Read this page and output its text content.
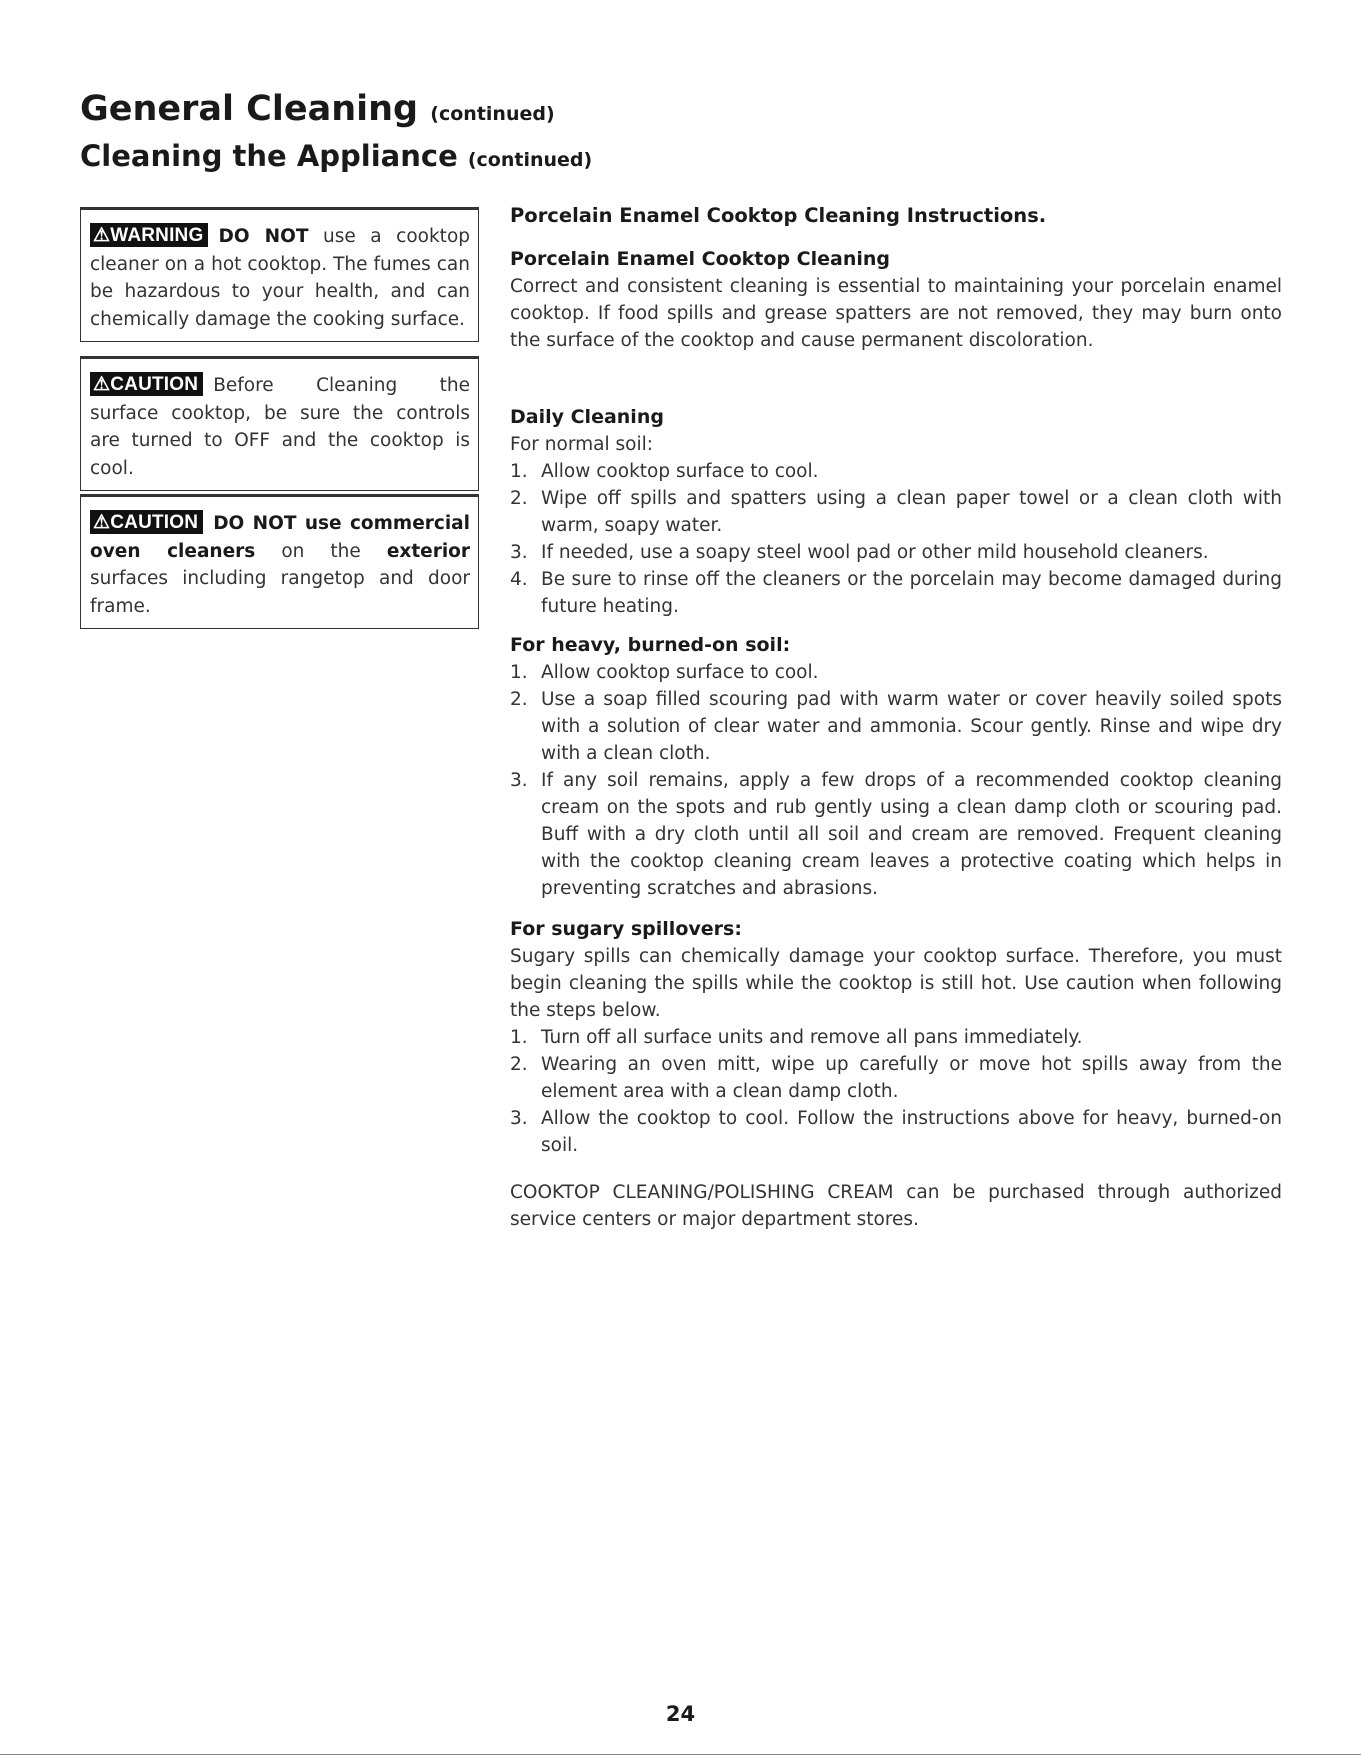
General Cleaning (continued)
Cleaning the Appliance (continued)
⚠WARNING DO NOT use a cooktop cleaner on a hot cooktop. The fumes can be hazardous to your health, and can chemically damage the cooking surface.
⚠CAUTION Before Cleaning the surface cooktop, be sure the controls are turned to OFF and the cooktop is cool.
⚠CAUTION DO NOT use commercial oven cleaners on the exterior surfaces including rangetop and door frame.
Porcelain Enamel Cooktop Cleaning Instructions.
Porcelain Enamel Cooktop Cleaning

Correct and consistent cleaning is essential to maintaining your porcelain enamel cooktop. If food spills and grease spatters are not removed, they may burn onto the surface of the cooktop and cause permanent discoloration.

Daily Cleaning

For normal soil:

1. Allow cooktop surface to cool.
2. Wipe off spills and spatters using a clean paper towel or a clean cloth with warm, soapy water.
3. If needed, use a soapy steel wool pad or other mild household cleaners.
4. Be sure to rinse off the cleaners or the porcelain may become damaged during future heating.
For heavy, burned-on soil:
1. Allow cooktop surface to cool.
2. Use a soap filled scouring pad with warm water or cover heavily soiled spots with a solution of clear water and ammonia. Scour gently. Rinse and wipe dry with a clean cloth.
3. If any soil remains, apply a few drops of a recommended cooktop cleaning cream on the spots and rub gently using a clean damp cloth or scouring pad. Buff with a dry cloth until all soil and cream are removed. Frequent cleaning with the cooktop cleaning cream leaves a protective coating which helps in preventing scratches and abrasions.
For sugary spillovers:

Sugary spills can chemically damage your cooktop surface. Therefore, you must begin cleaning the spills while the cooktop is still hot. Use caution when following the steps below.

1. Turn off all surface units and remove all pans immediately.
2. Wearing an oven mitt, wipe up carefully or move hot spills away from the element area with a clean damp cloth.
3. Allow the cooktop to cool. Follow the instructions above for heavy, burned-on soil.

COOKTOP CLEANING/POLISHING CREAM can be purchased through authorized service centers or major department stores.

24
